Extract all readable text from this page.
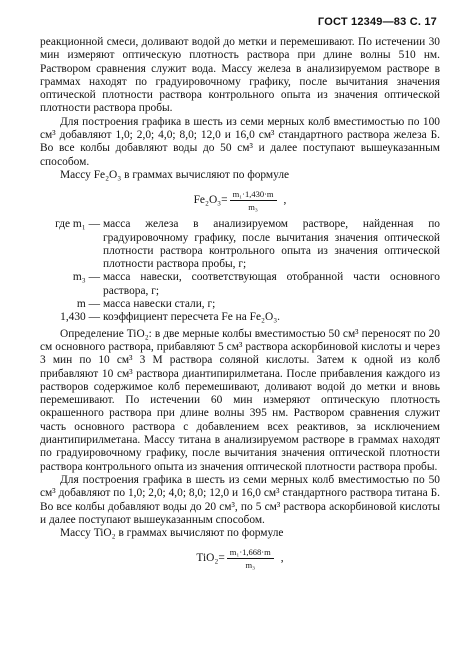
ГОСТ 12349—83 С. 17

реакционной смеси, доливают водой до метки и перемешивают. По истечении 30 мин измеряют оптическую плотность раствора при длине волны 510 нм. Раствором сравнения служит вода. Массу железа в анализируемом растворе в граммах находят по градуировочному графику, после вычитания значения оптической плотности раствора контрольного опыта из значения оптической плотности раствора пробы.

Для построения графика в шесть из семи мерных колб вместимостью по 100 см³ добавляют 1,0; 2,0; 4,0; 8,0; 12,0 и 16,0 см³ стандартного раствора железа Б. Во все колбы добавляют воды до 50 см³ и далее поступают вышеуказанным способом.

Массу Fe₂O₃ в граммах вычисляют по формуле

$Fe_2O_3= \frac{\text{m₁·1,430·m}}{\text{m₃}}$ ,
где m₁ — масса железа в анализируемом растворе, найденная по градуировочному графику, после вычитания значения оптической плотности раствора контрольного опыта из значения оптической плотности раствора пробы, г;
m₃ — масса навески, соответствующая отобранной части основного раствора, г;
m — масса навески стали, г;
1,430 — коэффициент пересчета Fe на Fe₂O₃.

Определение TiO₂: в две мерные колбы вместимостью 50 см³ переносят по 20 см основного раствора, прибавляют 5 см³ раствора аскорбиновой кислоты и через 3 мин по 10 см³ 3 М раствора соляной кислоты. Затем к одной из колб прибавляют 10 см³ раствора диантипирилметана. После прибавления каждого из растворов содержимое колб перемешивают, доливают водой до метки и вновь перемешивают. По истечении 60 мин измеряют оптическую плотность окрашенного раствора при длине волны 395 нм. Раствором сравнения служит часть основного раствора с добавлением всех реактивов, за исключением диантипирилметана. Массу титана в анализируемом растворе в граммах находят по градуировочному графику, после вычитания значения оптической плотности раствора контрольного опыта из значения оптической плотности раствора пробы.

Для построения графика в шесть из семи мерных колб вместимостью по 50 см³ добавляют по 1,0; 2,0; 4,0; 8,0; 12,0 и 16,0 см³ стандартного раствора титана Б. Во все колбы добавляют воды до 20 см³, по 5 см³ раствора аскорбиновой кислоты и далее поступают вышеуказанным способом.

Массу TiO₂ в граммах вычисляют по формуле

$TiO_2= \frac{\text{m₁·1,668·m}}{\text{m₃}}$ ,
